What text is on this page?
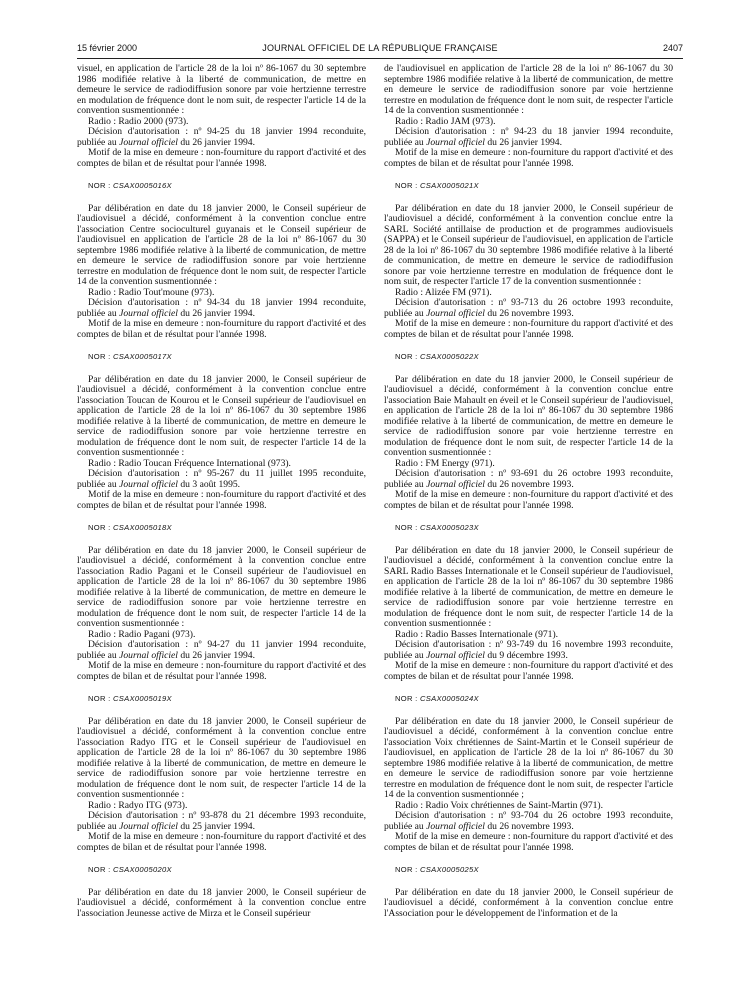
15 février 2000	JOURNAL OFFICIEL DE LA RÉPUBLIQUE FRANÇAISE	2407

visuel, en application de l'article 28 de la loi nº 86-1067 du 30 septembre 1986 modifiée relative à la liberté de communication, de mettre en demeure le service de radiodiffusion sonore par voie hertzienne terrestre en modulation de fréquence dont le nom suit, de respecter l'article 14 de la convention susmentionnée :

Radio : Radio 2000 (973).

Décision d'autorisation : nº 94-25 du 18 janvier 1994 reconduite, publiée au Journal officiel du 26 janvier 1994.

Motif de la mise en demeure : non-fourniture du rapport d'activité et des comptes de bilan et de résultat pour l'année 1998.

NOR : CSAX0005016X

Par délibération en date du 18 janvier 2000, le Conseil supérieur de l'audiovisuel a décidé, conformément à la convention conclue entre l'association Centre socioculturel guyanais et le Conseil supérieur de l'audiovisuel en application de l'article 28 de la loi nº 86-1067 du 30 septembre 1986 modifiée relative à la liberté de communication, de mettre en demeure le service de radiodiffusion sonore par voie hertzienne terrestre en modulation de fréquence dont le nom suit, de respecter l'article 14 de la convention susmentionnée :

Radio : Radio Tout'moune (973).

Décision d'autorisation : nº 94-34 du 18 janvier 1994 reconduite, publiée au Journal officiel du 26 janvier 1994.

Motif de la mise en demeure : non-fourniture du rapport d'activité et des comptes de bilan et de résultat pour l'année 1998.

NOR : CSAX0005017X

Par délibération en date du 18 janvier 2000, le Conseil supérieur de l'audiovisuel a décidé, conformément à la convention conclue entre l'association Toucan de Kourou et le Conseil supérieur de l'audiovisuel en application de l'article 28 de la loi nº 86-1067 du 30 septembre 1986 modifiée relative à la liberté de communication, de mettre en demeure le service de radiodiffusion sonore par voie hertzienne terrestre en modulation de fréquence dont le nom suit, de respecter l'article 14 de la convention susmentionnée :

Radio : Radio Toucan Fréquence International (973).

Décision d'autorisation : nº 95-267 du 11 juillet 1995 reconduite, publiée au Journal officiel du 3 août 1995.

Motif de la mise en demeure : non-fourniture du rapport d'activité et des comptes de bilan et de résultat pour l'année 1998.

NOR : CSAX0005018X

Par délibération en date du 18 janvier 2000, le Conseil supérieur de l'audiovisuel a décidé, conformément à la convention conclue entre l'association Radio Pagani et le Conseil supérieur de l'audiovisuel en application de l'article 28 de la loi nº 86-1067 du 30 septembre 1986 modifiée relative à la liberté de communication, de mettre en demeure le service de radiodiffusion sonore par voie hertzienne terrestre en modulation de fréquence dont le nom suit, de respecter l'article 14 de la convention susmentionnée :

Radio : Radio Pagani (973).

Décision d'autorisation : nº 94-27 du 11 janvier 1994 reconduite, publiée au Journal officiel du 26 janvier 1994.

Motif de la mise en demeure : non-fourniture du rapport d'activité et des comptes de bilan et de résultat pour l'année 1998.

NOR : CSAX0005019X

Par délibération en date du 18 janvier 2000, le Conseil supérieur de l'audiovisuel a décidé, conformément à la convention conclue entre l'association Radyo ITG et le Conseil supérieur de l'audiovisuel en application de l'article 28 de la loi nº 86-1067 du 30 septembre 1986 modifiée relative à la liberté de communication, de mettre en demeure le service de radiodiffusion sonore par voie hertzienne terrestre en modulation de fréquence dont le nom suit, de respecter l'article 14 de la convention susmentionnée :

Radio : Radyo ITG (973).

Décision d'autorisation : nº 93-878 du 21 décembre 1993 reconduite, publiée au Journal officiel du 25 janvier 1994.

Motif de la mise en demeure : non-fourniture du rapport d'activité et des comptes de bilan et de résultat pour l'année 1998.

NOR : CSAX0005020X

Par délibération en date du 18 janvier 2000, le Conseil supérieur de l'audiovisuel a décidé, conformément à la convention conclue entre l'association Jeunesse active de Mirza et le Conseil supérieur

de l'audiovisuel en application de l'article 28 de la loi nº 86-1067 du 30 septembre 1986 modifiée relative à la liberté de communication, de mettre en demeure le service de radiodiffusion sonore par voie hertzienne terrestre en modulation de fréquence dont le nom suit, de respecter l'article 14 de la convention susmentionnée :

Radio : Radio JAM (973).

Décision d'autorisation : nº 94-23 du 18 janvier 1994 reconduite, publiée au Journal officiel du 26 janvier 1994.

Motif de la mise en demeure : non-fourniture du rapport d'activité et des comptes de bilan et de résultat pour l'année 1998.

NOR : CSAX0005021X

Par délibération en date du 18 janvier 2000, le Conseil supérieur de l'audiovisuel a décidé, conformément à la convention conclue entre la SARL Société antillaise de production et de programmes audiovisuels (SAPPA) et le Conseil supérieur de l'audiovisuel, en application de l'article 28 de la loi nº 86-1067 du 30 septembre 1986 modifiée relative à la liberté de communication, de mettre en demeure le service de radiodiffusion sonore par voie hertzienne terrestre en modulation de fréquence dont le nom suit, de respecter l'article 17 de la convention susmentionnée :

Radio : Alizée FM (971).

Décision d'autorisation : nº 93-713 du 26 octobre 1993 reconduite, publiée au Journal officiel du 26 novembre 1993.

Motif de la mise en demeure : non-fourniture du rapport d'activité et des comptes de bilan et de résultat pour l'année 1998.

NOR : CSAX0005022X

Par délibération en date du 18 janvier 2000, le Conseil supérieur de l'audiovisuel a décidé, conformément à la convention conclue entre l'association Baie Mahault en éveil et le Conseil supérieur de l'audiovisuel, en application de l'article 28 de la loi nº 86-1067 du 30 septembre 1986 modifiée relative à la liberté de communication, de mettre en demeure le service de radiodiffusion sonore par voie hertzienne terrestre en modulation de fréquence dont le nom suit, de respecter l'article 14 de la convention susmentionnée :

Radio : FM Energy (971).

Décision d'autorisation : nº 93-691 du 26 octobre 1993 reconduite, publiée au Journal officiel du 26 novembre 1993.

Motif de la mise en demeure : non-fourniture du rapport d'activité et des comptes de bilan et de résultat pour l'année 1998.

NOR : CSAX0005023X

Par délibération en date du 18 janvier 2000, le Conseil supérieur de l'audiovisuel a décidé, conformément à la convention conclue entre la SARL Radio Basses Internationale et le Conseil supérieur de l'audiovisuel, en application de l'article 28 de la loi nº 86-1067 du 30 septembre 1986 modifiée relative à la liberté de communication, de mettre en demeure le service de radiodiffusion sonore par voie hertzienne terrestre en modulation de fréquence dont le nom suit, de respecter l'article 14 de la convention susmentionnée :

Radio : Radio Basses Internationale (971).

Décision d'autorisation : nº 93-749 du 16 novembre 1993 reconduite, publiée au Journal officiel du 9 décembre 1993.

Motif de la mise en demeure : non-fourniture du rapport d'activité et des comptes de bilan et de résultat pour l'année 1998.

NOR : CSAX0005024X

Par délibération en date du 18 janvier 2000, le Conseil supérieur de l'audiovisuel a décidé, conformément à la convention conclue entre l'association Voix chrétiennes de Saint-Martin et le Conseil supérieur de l'audiovisuel, en application de l'article 28 de la loi nº 86-1067 du 30 septembre 1986 modifiée relative à la liberté de communication, de mettre en demeure le service de radiodiffusion sonore par voie hertzienne terrestre en modulation de fréquence dont le nom suit, de respecter l'article 14 de la convention susmentionnée ;

Radio : Radio Voix chrétiennes de Saint-Martin (971).

Décision d'autorisation : nº 93-704 du 26 octobre 1993 reconduite, publiée au Journal officiel du 26 novembre 1993.

Motif de la mise en demeure : non-fourniture du rapport d'activité et des comptes de bilan et de résultat pour l'année 1998.

NOR : CSAX0005025X

Par délibération en date du 18 janvier 2000, le Conseil supérieur de l'audiovisuel a décidé, conformément à la convention conclue entre l'Association pour le développement de l'information et de la
